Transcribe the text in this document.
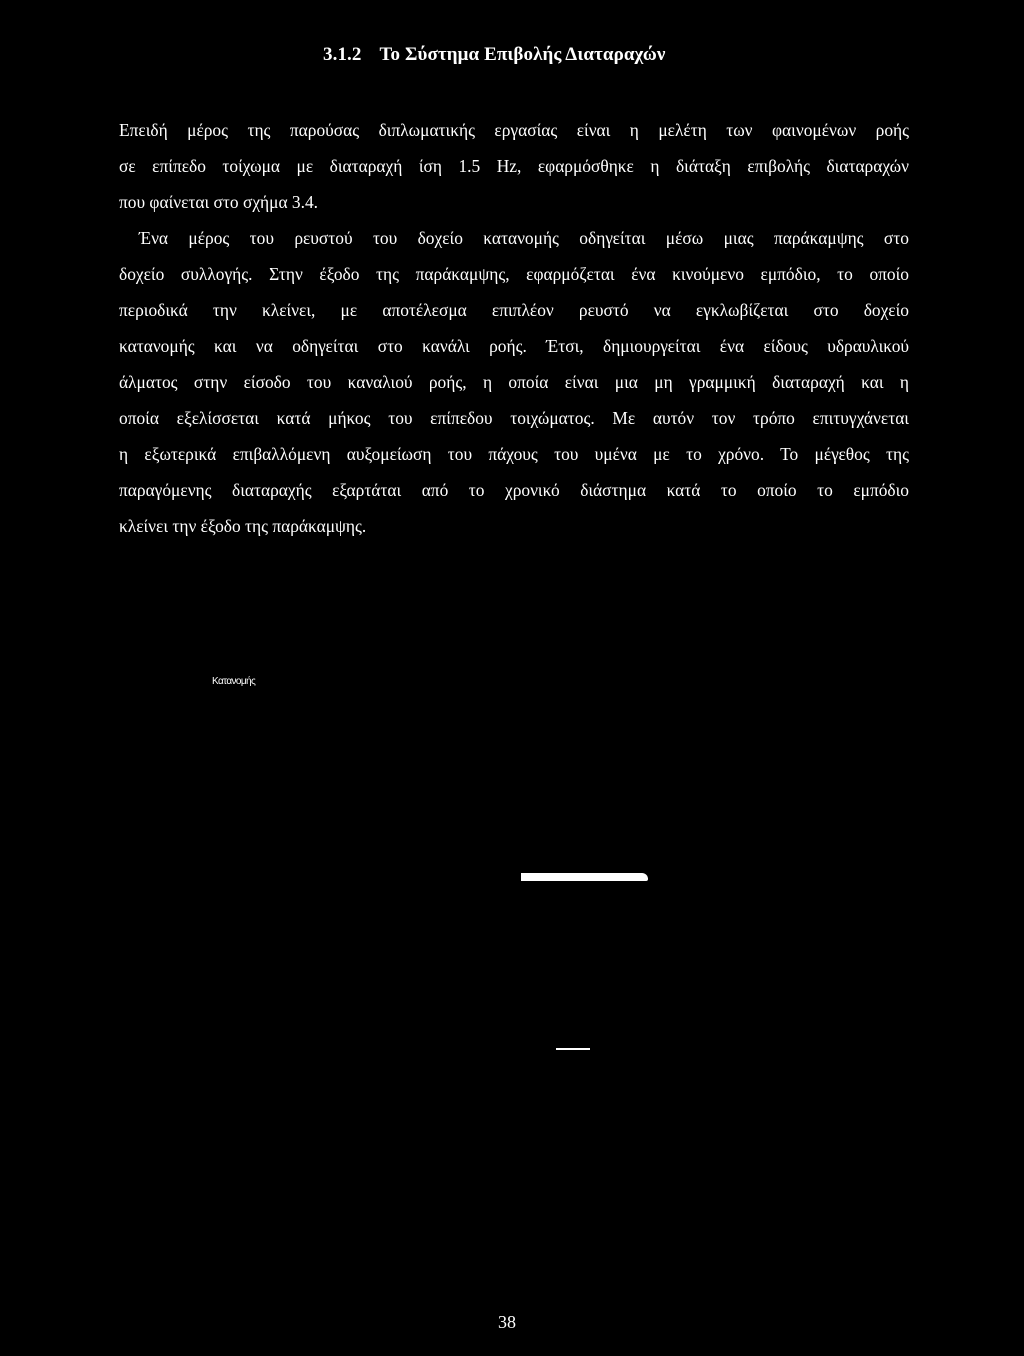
3.1.2 Το Σύστημα Επιβολής Διαταραχών
Επειδή μέρος της παρούσας διπλωματικής εργασίας είναι η μελέτη των φαινομένων ροής
σε επίπεδο τοίχωμα με διαταραχή ίση 1.5 Hz, εφαρμόσθηκε η διάταξη επιβολής διαταραχών
που φαίνεται στο σχήμα 3.4.
Ένα μέρος του ρευστού του δοχείο κατανομής οδηγείται μέσω μιας παράκαμψης στο
δοχείο συλλογής. Στην έξοδο της παράκαμψης, εφαρμόζεται ένα κινούμενο εμπόδιο, το οποίο
περιοδικά την κλείνει, με αποτέλεσμα επιπλέον ρευστό να εγκλωβίζεται στο δοχείο
κατανομής και να οδηγείται στο κανάλι ροής. Έτσι, δημιουργείται ένα είδους υδραυλικού
άλματος στην είσοδο του καναλιού ροής, η οποία είναι μια μη γραμμική διαταραχή και η
οποία εξελίσσεται κατά μήκος του επίπεδου τοιχώματος. Με αυτόν τον τρόπο επιτυγχάνεται
η εξωτερικά επιβαλλόμενη αυξομείωση του πάχους του υμένα με το χρόνο. Το μέγεθος της
παραγόμενης διαταραχής εξαρτάται από το χρονικό διάστημα κατά το οποίο το εμπόδιο
κλείνει την έξοδο της παράκαμψης.
Κατανομής
38
